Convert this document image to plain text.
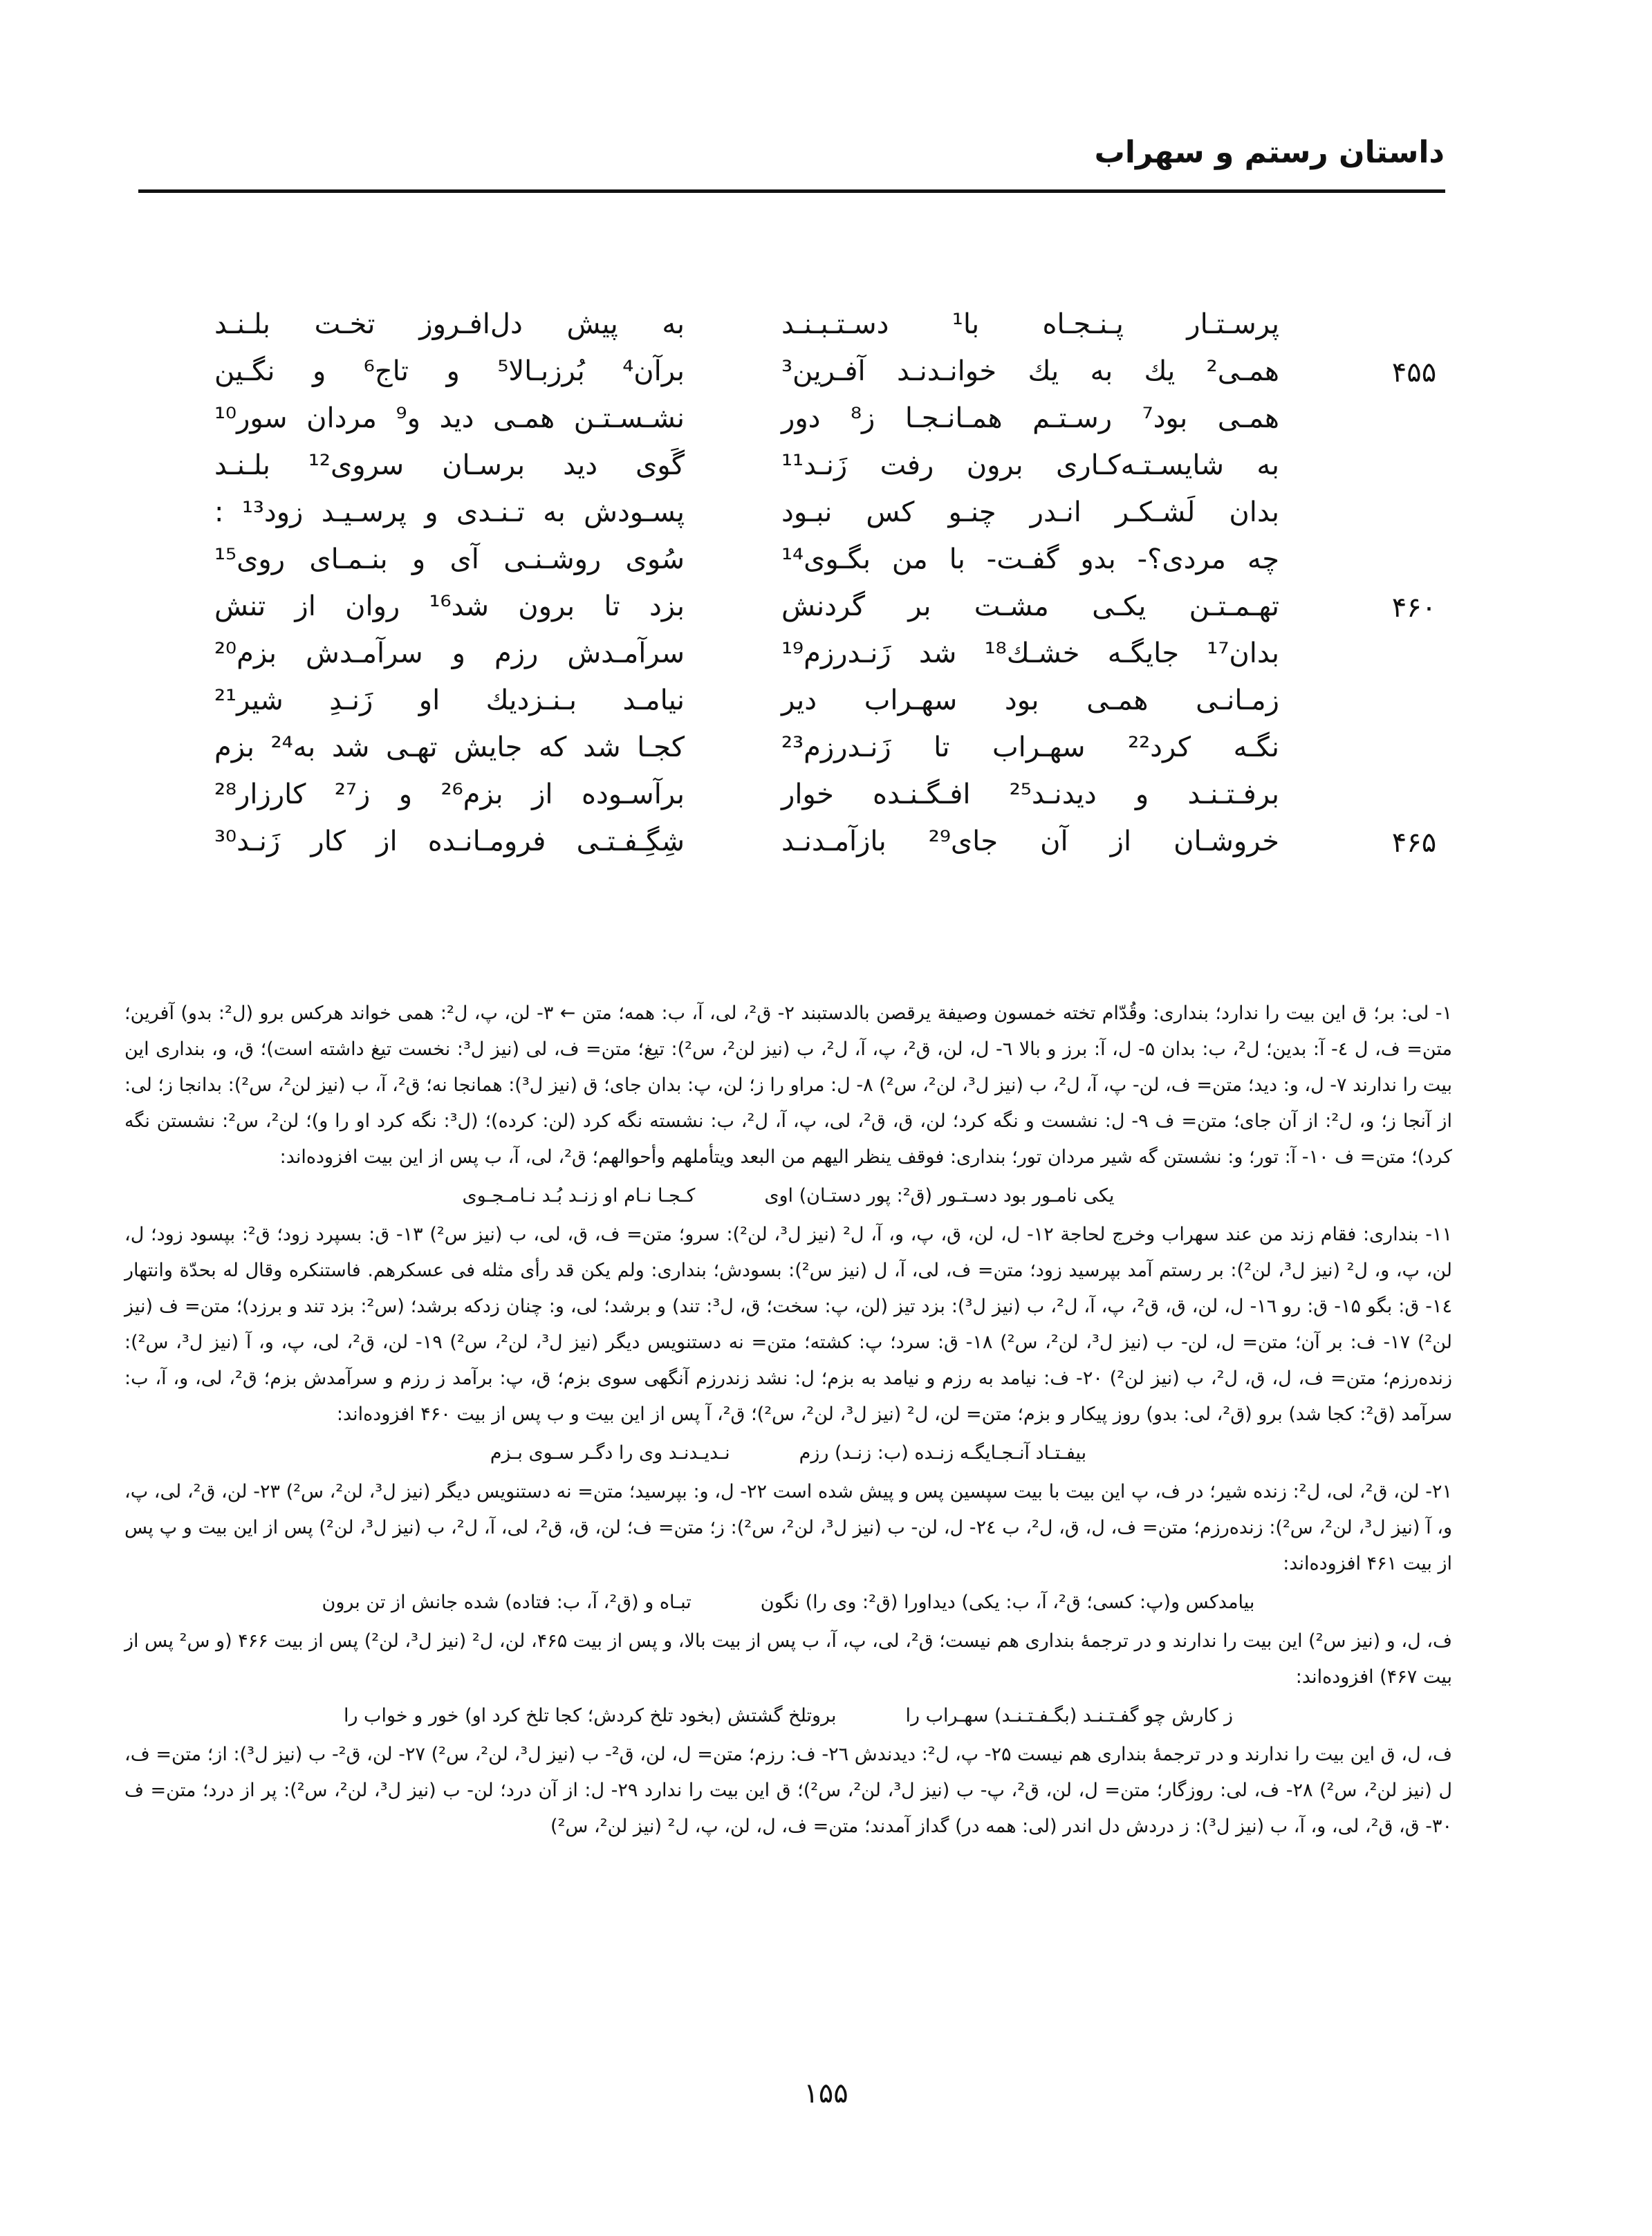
داستان رستم و سهراب
پرسـتـار پـنـجـاه با¹ دسـتـبـنـد
به پیش دل‌افـروز تخـت بلـنـد
۴۵۵
همـی² یك به یك خوانـدنـد آفـرین³
برآن⁴ بُرزبـالا⁵ و تاج⁶ و نگـین
همـی بود⁷ رسـتـم همـانـجـا ز⁸ دور
نشـسـتـن همـی دید و⁹ مردان سور¹⁰
به شایسـتـه‌کـاری برون رفت زَنـد¹¹
گَوی دید برسـان سروی¹² بلـنـد
بدان لَشـکـر انـدر چنـو کس نبـود
پسـودش به تـنـدی و پرسـیـد زود¹³ :
چه مردی؟- بدو گفـت- با من بگـوی¹⁴
سُوی روشـنـی آی و بنـمـای روی¹⁵
۴۶۰
تهـمـتـن یکـی مشـت بر گردنش
بزد تا برون شد¹⁶ روان از تنش
بدان¹⁷ جایگـه خشـك¹⁸ شد زَنـدرزم¹⁹
سرآمـدش رزم و سرآمـدش بزم²⁰
زمـانـی همـی بود سهـراب دیر
نیامـد بـنـزدیك او زَنـدِ شیر²¹
نگـه کرد²² سهـراب تا زَنـدرزم²³
کجـا شد که جایش تهـی شد به²⁴ بزم
برفـتـنـد و دیدنـد²⁵ افـگـنـده خوار
برآسـوده از بزم²⁶ و ز²⁷ کارزار²⁸
۴۶۵
خروشـان از آن جای²⁹ بازآمـدنـد
شِگِـفـتـی فرومـانـده از کار زَنـد³⁰

۱- لی: بر؛ ق این بیت را ندارد؛ بنداری: وقُدّام تخته خمسون وصیفة یرقصن بالدستبند ۲- ق²، لی، آ، ب: همه؛ متن ← ۳- لن، پ، ل²: همی خواند هرکس برو (ل²: بدو) آفرین؛ متن= ف، ل ٤- آ: بدین؛ ل²، ب: بدان ۵- ل، آ: برز و بالا ٦- ل، لن، ق²، پ، آ، ل²، ب (نیز لن²، س²): تیغ؛ متن= ف، لی (نیز ل³: نخست تیغ داشته است)؛ ق، و، بنداری این بیت را ندارند ۷- ل، و: دید؛ متن= ف، لن- پ، آ، ل²، ب (نیز ل³، لن²، س²) ۸- ل: مراو را ز؛ لن، پ: بدان جای؛ ق (نیز ل³): همانجا نه؛ ق²، آ، ب (نیز لن²، س²): بدانجا ز؛ لی: از آنجا ز؛ و، ل²: از آن جای؛ متن= ف ۹- ل: نشست و نگه کرد؛ لن، ق، ق²، لی، پ، آ، ل²، ب: نشسته نگه کرد (لن: کرده)؛ (ل³: نگه کرد او را و)؛ لن²، س²: نشستن نگه کرد)؛ متن= ف ۱۰- آ: تور؛ و: نشستن گه شیر مردان تور؛ بنداری: فوقف ینظر الیهم من البعد ویتأملهم وأحوالهم؛ ق²، لی، آ، ب پس از این بیت افزوده‌اند:

یکی نامـور بود دسـتـور (ق²: پور دستـان) اویکـجـا نـام او زنـد بُـد نـامـجـوی

۱۱- بنداری: فقام زند من عند سهراب وخرج لحاجة ۱۲- ل، لن، ق، پ، و، آ، ل² (نیز ل³، لن²): سرو؛ متن= ف، ق، لی، ب (نیز س²) ۱۳- ق: بسپرد زود؛ ق²: بپسود زود؛ ل، لن، پ، و، ل² (نیز ل³، لن²): بر رستم آمد بپرسید زود؛ متن= ف، لی، آ، ل (نیز س²): بسودش؛ بنداری: ولم یکن قد رأی مثله فی عسکرهم. فاستنکره وقال له بحدّة وانتهار ١٤- ق: بگو ١۵- ق: رو ١٦- ل، لن، ق، ق²، پ، آ، ل²، ب (نیز ل³): بزد تیز (لن، پ: سخت؛ ق، ل³: تند) و برشد؛ لی، و: چنان زدکه برشد؛ (س²: بزد تند و برزد)؛ متن= ف (نیز لن²) ۱۷- ف: بر آن؛ متن= ل، لن- ب (نیز ل³، لن²، س²) ۱۸- ق: سرد؛ پ: کشته؛ متن= نه دستنویس دیگر (نیز ل³، لن²، س²) ۱۹- لن، ق²، لی، پ، و، آ (نیز ل³، س²): زنده‌رزم؛ متن= ف، ل، ق، ل²، ب (نیز لن²) ۲۰- ف: نیامد به رزم و نیامد به بزم؛ ل: نشد زندرزم آنگهی سوی بزم؛ ق، پ: برآمد ز رزم و سرآمدش بزم؛ ق²، لی، و، آ، ب: سرآمد (ق²: کجا شد) برو (ق²، لی: بدو) روز پیکار و بزم؛ متن= لن، ل² (نیز ل³، لن²، س²)؛ ق²، آ پس از این بیت و ب پس از بیت ۴۶۰ افزوده‌اند:

بیفـتـاد آنـجـایگـه زنـده (ب: زنـد) رزمنـدیـدنـد وی را دگـر سـوی بـزم

۲۱- لن، ق²، لی، ل²: زنده شیر؛ در ف، پ این بیت با بیت سپسین پس و پیش شده است ۲۲- ل، و: بپرسید؛ متن= نه دستنویس دیگر (نیز ل³، لن²، س²) ۲۳- لن، ق²، لی، پ، و، آ (نیز ل³، لن²، س²): زنده‌رزم؛ متن= ف، ل، ق، ل²، ب ۲٤- ل، لن- ب (نیز ل³، لن²، س²): ز؛ متن= ف؛ لن، ق، ق²، لی، آ، ل²، ب (نیز ل³، لن²) پس از این بیت و پ پس از بیت ۴۶۱ افزوده‌اند:

بیامدکس و(پ: کسی؛ ق²، آ، ب: یکی) دیداورا (ق²: وی را) نگونتبـاه و (ق²، آ، ب: فتاده) شده جانش از تن برون

ف، ل، و (نیز س²) این بیت را ندارند و در ترجمهٔ بنداری هم نیست؛ ق²، لی، پ، آ، ب پس از بیت بالا، و پس از بیت ۴۶۵، لن، ل² (نیز ل³، لن²) پس از بیت ۴۶۶ (و س² پس از بیت ۴۶۷) افزوده‌اند:

ز کارش چو گفـتـنـد (بگـفـتـنـد) سهـراب رابروتلخ گشتش (بخود تلخ کردش؛ کجا تلخ کرد او) خور و خواب را

ف، ل، ق این بیت را ندارند و در ترجمهٔ بنداری هم نیست ۲۵- پ، ل²: دیدندش ۲٦- ف: رزم؛ متن= ل، لن، ق²- ب (نیز ل³، لن²، س²) ۲۷- لن، ق²- ب (نیز ل³): از؛ متن= ف، ل (نیز لن²، س²) ۲۸- ف، لی: روزگار؛ متن= ل، لن، ق²، پ- ب (نیز ل³، لن²، س²)؛ ق این بیت را ندارد ۲۹- ل: از آن درد؛ لن- ب (نیز ل³، لن²، س²): پر از درد؛ متن= ف ۳۰- ق، ق²، لی، و، آ، ب (نیز ل³): ز دردش دل اندر (لی: همه در) گداز آمدند؛ متن= ف، ل، لن، پ، ل² (نیز لن²، س²)

۱۵۵
